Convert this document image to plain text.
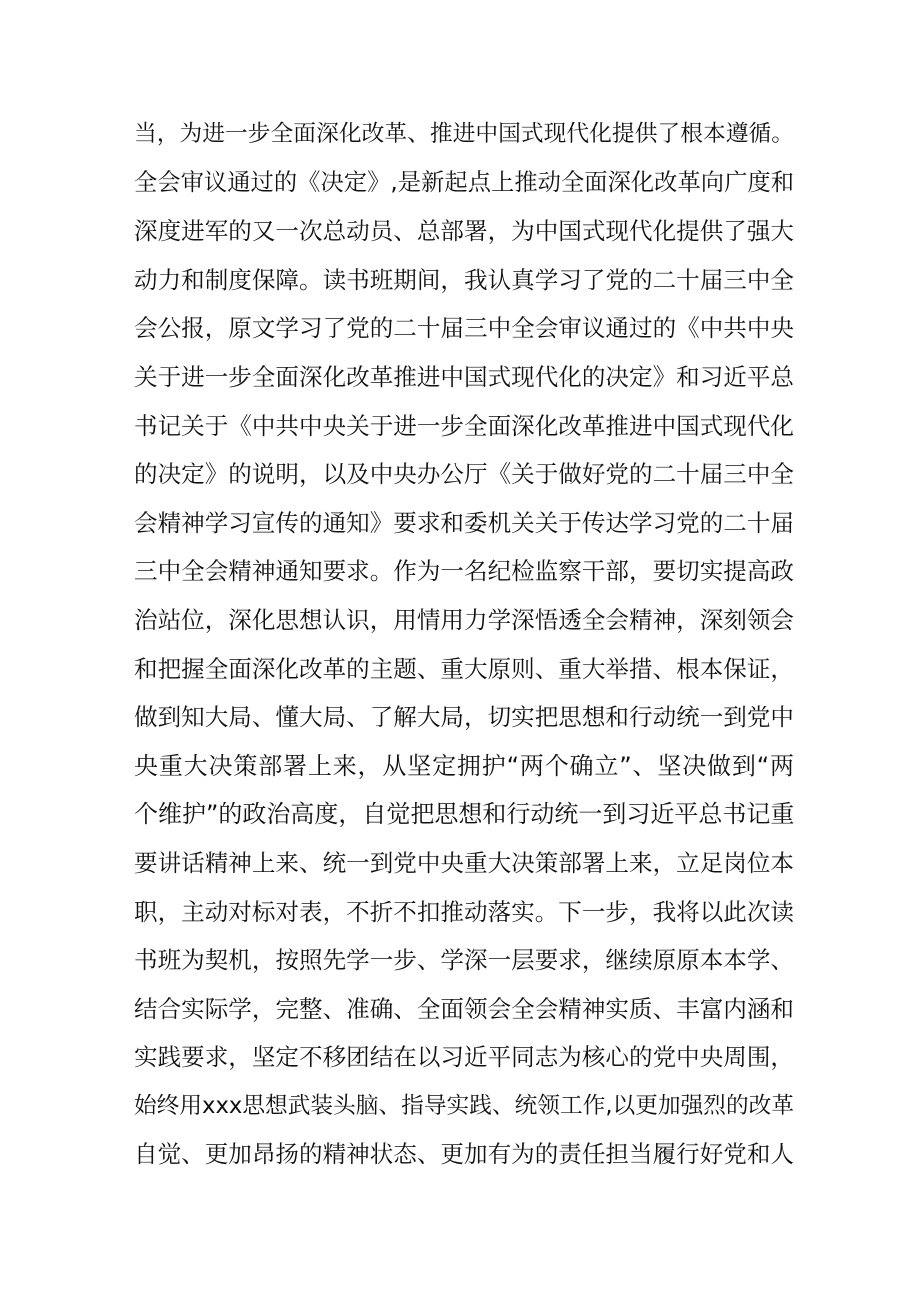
当，为进一步全面深化改革、推进中国式现代化提供了根本遵循。
全会审议通过的《决定》,是新起点上推动全面深化改革向广度和
深度进军的又一次总动员、总部署，为中国式现代化提供了强大
动力和制度保障。读书班期间，我认真学习了党的二十届三中全
会公报，原文学习了党的二十届三中全会审议通过的《中共中央
关于进一步全面深化改革推进中国式现代化的决定》和习近平总
书记关于《中共中央关于进一步全面深化改革推进中国式现代化
的决定》的说明，以及中央办公厅《关于做好党的二十届三中全
会精神学习宣传的通知》要求和委机关关于传达学习党的二十届
三中全会精神通知要求。作为一名纪检监察干部，要切实提高政
治站位，深化思想认识，用情用力学深悟透全会精神，深刻领会
和把握全面深化改革的主题、重大原则、重大举措、根本保证，
做到知大局、懂大局、了解大局，切实把思想和行动统一到党中
央重大决策部署上来，从坚定拥护“两个确立”、坚决做到“两
个维护”的政治高度，自觉把思想和行动统一到习近平总书记重
要讲话精神上来、统一到党中央重大决策部署上来，立足岗位本
职，主动对标对表，不折不扣推动落实。下一步，我将以此次读
书班为契机，按照先学一步、学深一层要求，继续原原本本学、
结合实际学，完整、准确、全面领会全会精神实质、丰富内涵和
实践要求，坚定不移团结在以习近平同志为核心的党中央周围，
始终用xxx思想武装头脑、指导实践、统领工作,以更加强烈的改革
自觉、更加昂扬的精神状态、更加有为的责任担当履行好党和人
